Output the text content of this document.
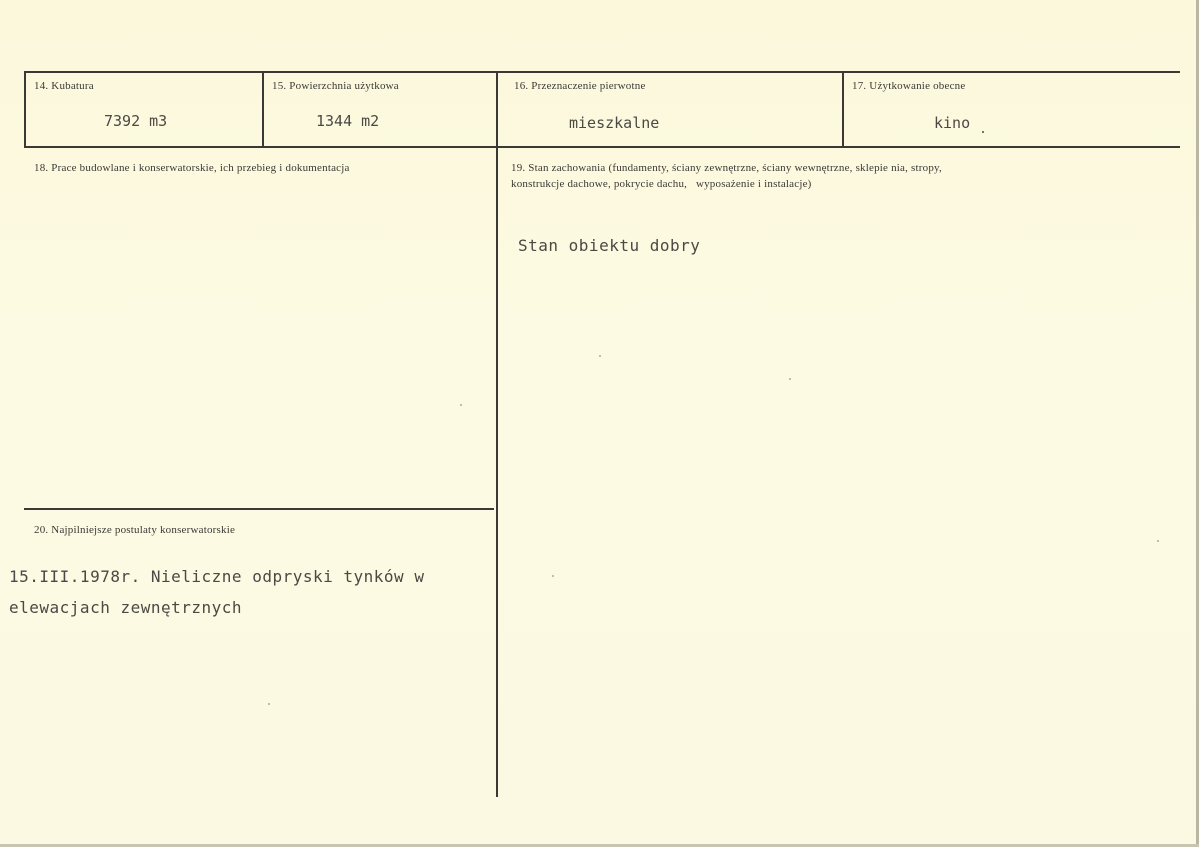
14. Kubatura
7392 m3
15. Powierzchnia użytkowa
1344 m2
16. Przeznaczenie pierwotne
mieszkalne
17. Użytkowanie obecne
kino
18. Prace budowlane i konserwatorskie, ich przebieg i dokumentacja	19. Stan zachowania (fundamenty, ściany zewnętrzne, ściany wewnętrzne, sklepie nia, stropy,
konstrukcje dachowe, pokrycie dachu,   wyposażenie i instalacje)
Stan obiektu dobry
20. Najpilniejsze postulaty konserwatorskie
15.III.1978r. Nieliczne odpryski tynków w
elewacjach zewnętrznych
